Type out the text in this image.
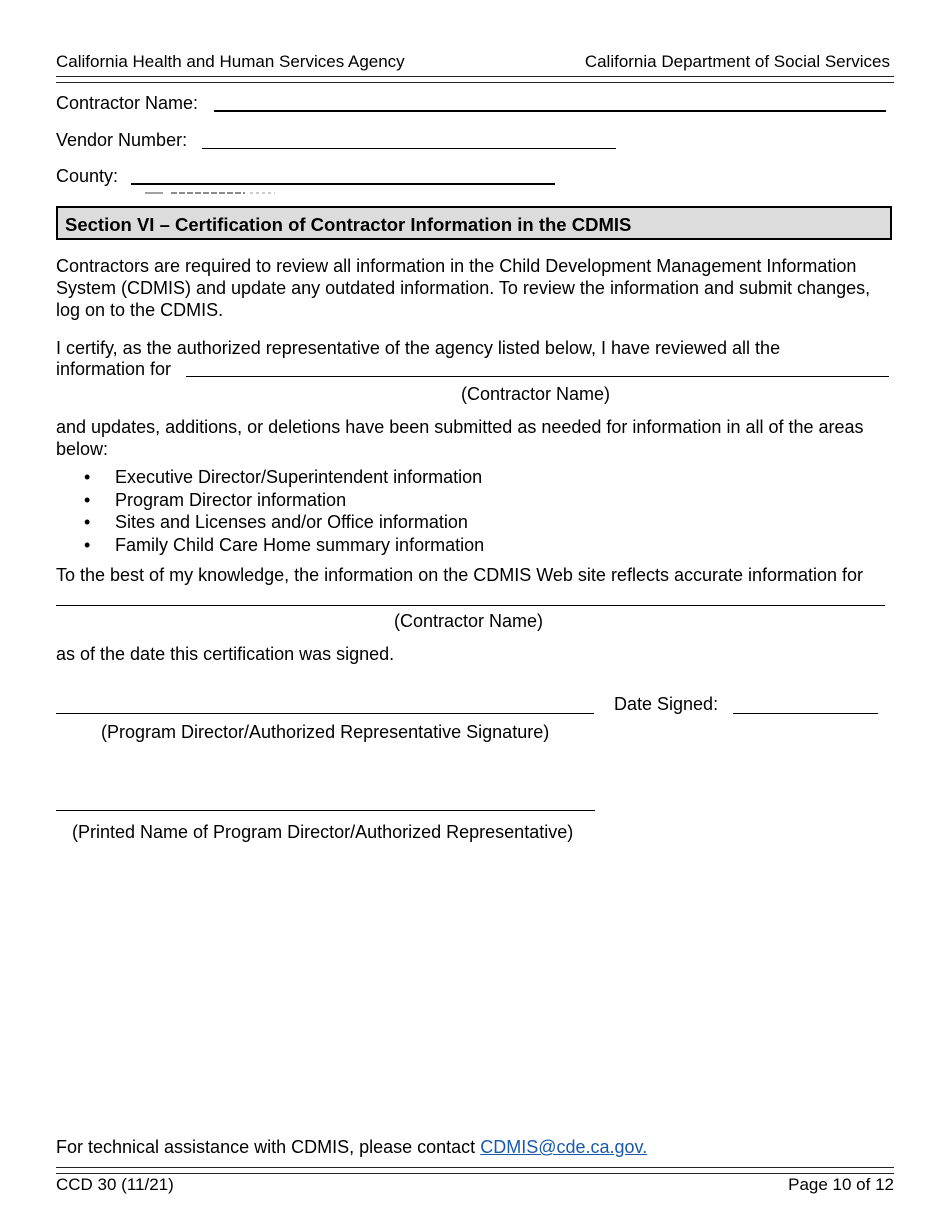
California Health and Human Services Agency	California Department of Social Services
Contractor Name:
Vendor Number:
County:
Section VI – Certification of Contractor Information in the CDMIS
Contractors are required to review all information in the Child Development Management Information System (CDMIS) and update any outdated information. To review the information and submit changes, log on to the CDMIS.
I certify, as the authorized representative of the agency listed below, I have reviewed all the
information for
(Contractor Name)
and updates, additions, or deletions have been submitted as needed for information in all of the areas below:
• Executive Director/Superintendent information
• Program Director information
• Sites and Licenses and/or Office information
• Family Child Care Home summary information
To the best of my knowledge, the information on the CDMIS Web site reflects accurate information for
(Contractor Name)
as of the date this certification was signed.
Date Signed:
(Program Director/Authorized Representative Signature)
(Printed Name of Program Director/Authorized Representative)
For technical assistance with CDMIS, please contact CDMIS@cde.ca.gov.
CCD 30 (11/21)	Page 10 of 12
